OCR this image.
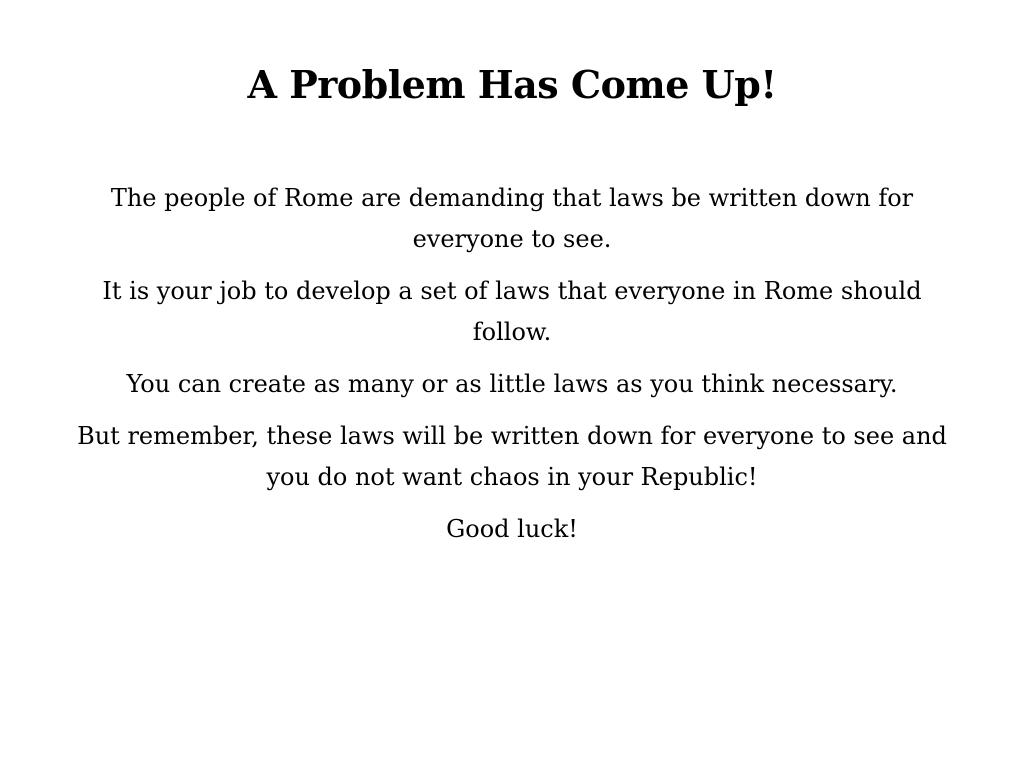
A Problem Has Come Up!

The people of Rome are demanding that laws be written down for everyone to see.

It is your job to develop a set of laws that everyone in Rome should follow.

You can create as many or as little laws as you think necessary.

But remember, these laws will be written down for everyone to see and you do not want chaos in your Republic!

Good luck!
